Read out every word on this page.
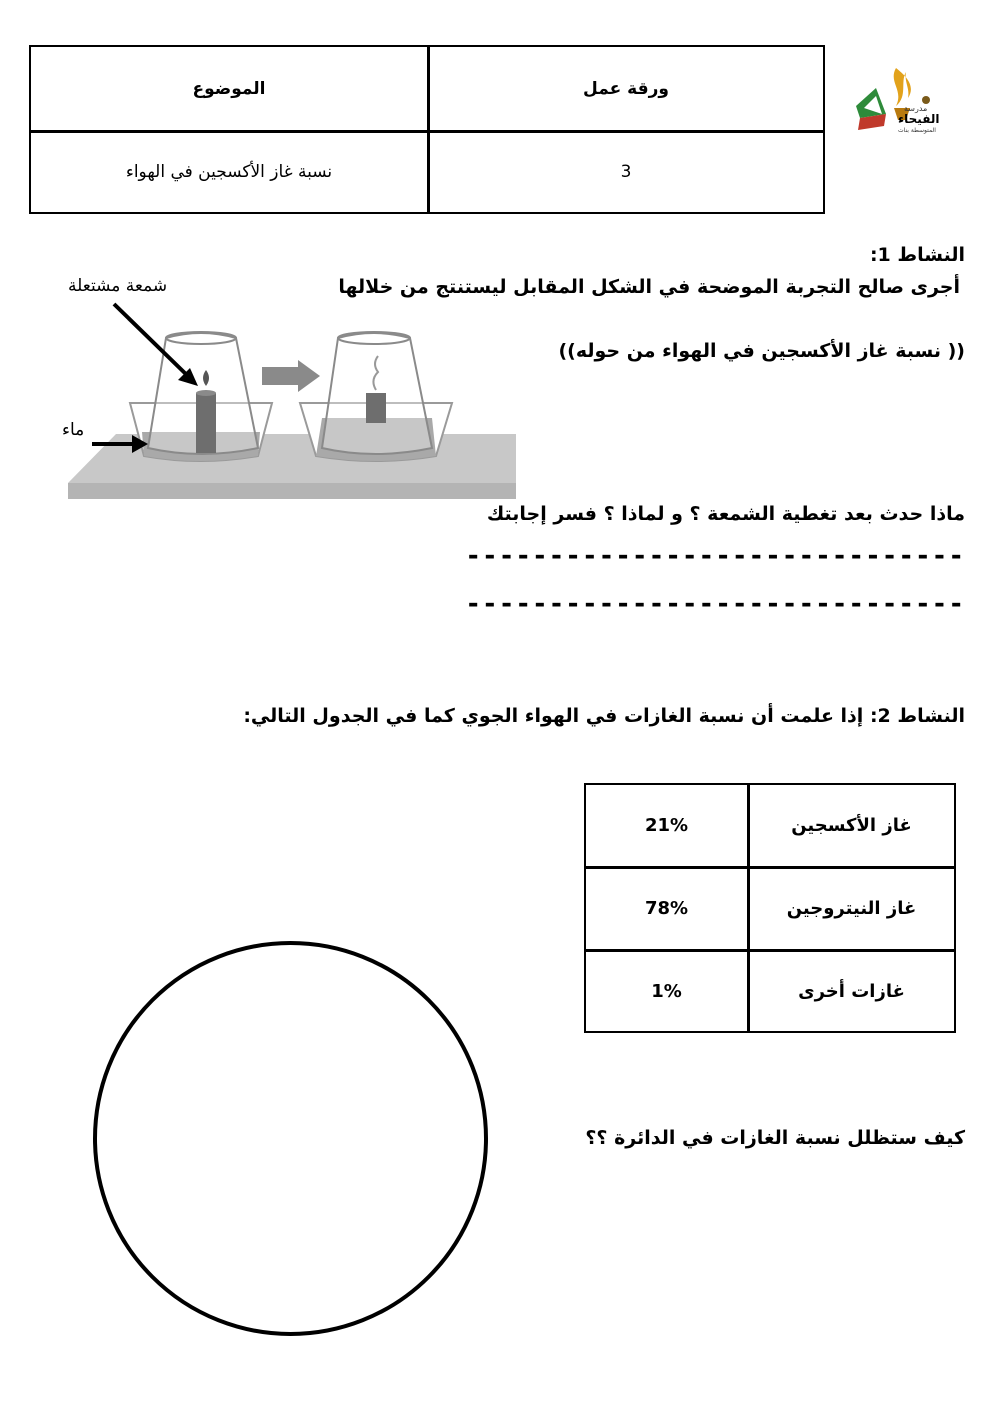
الموضوع	ورقة عمل
نسبة غاز الأكسجين في الهواء	3
مدرسة
الفيحاء
المتوسطة بنات
النشاط 1:
أجرى صالح التجربة الموضحة في الشكل المقابل ليستنتج من خلالها
(( نسبة غاز الأكسجين في الهواء من حوله))
شمعة مشتعلة
ماء
ماذا حدث بعد تغطية الشمعة ؟ و لماذا ؟ فسر إجابتك
------------------------------
------------------------------
النشاط 2: إذا علمت أن نسبة الغازات في الهواء الجوي كما في الجدول التالي:
21%	غاز الأكسجين
78%	غاز النيتروجين
1%	غازات أخرى
كيف ستظلل نسبة الغازات في الدائرة ؟؟
